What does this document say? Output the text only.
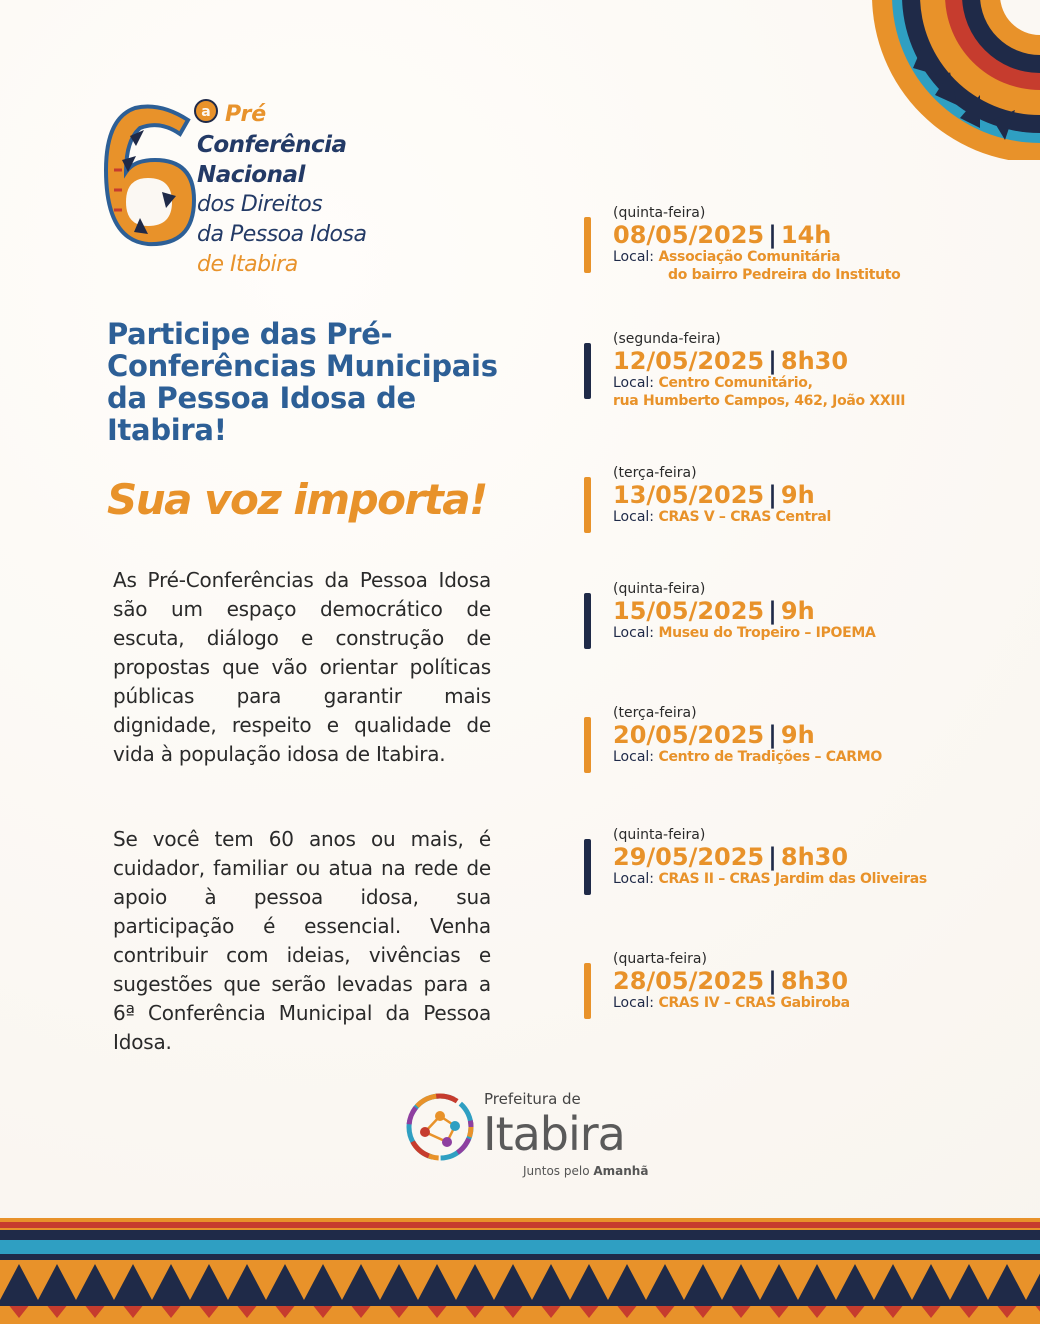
a Pré
Conferência
Nacional
dos Direitos
da Pessoa Idosa
de Itabira
Participe das Pré-Conferências Municipais da Pessoa Idosa de Itabira!

Sua voz importa!

As Pré-Conferências da Pessoa Idosa são um espaço democrático de escuta, diálogo e construção de propostas que vão orientar políticas públicas para garantir mais dignidade, respeito e qualidade de vida à população idosa de Itabira.

Se você tem 60 anos ou mais, é cuidador, familiar ou atua na rede de apoio à pessoa idosa, sua participação é essencial. Venha contribuir com ideias, vivências e sugestões que serão levadas para a 6ª Conferência Municipal da Pessoa Idosa.

(quinta-feira)
08/05/2025 | 14h
Local: Associação Comunitária
do bairro Pedreira do Instituto
(segunda-feira)
12/05/2025 | 8h30
Local: Centro Comunitário,
rua Humberto Campos, 462, João XXIII
(terça-feira)
13/05/2025 | 9h
Local: CRAS V – CRAS Central
(quinta-feira)
15/05/2025 | 9h
Local: Museu do Tropeiro – IPOEMA
(terça-feira)
20/05/2025 | 9h
Local: Centro de Tradições – CARMO
(quinta-feira)
29/05/2025 | 8h30
Local: CRAS II – CRAS Jardim das Oliveiras
(quarta-feira)
28/05/2025 | 8h30
Local: CRAS IV – CRAS Gabiroba
Prefeitura de
Itabira
Juntos pelo Amanhã
